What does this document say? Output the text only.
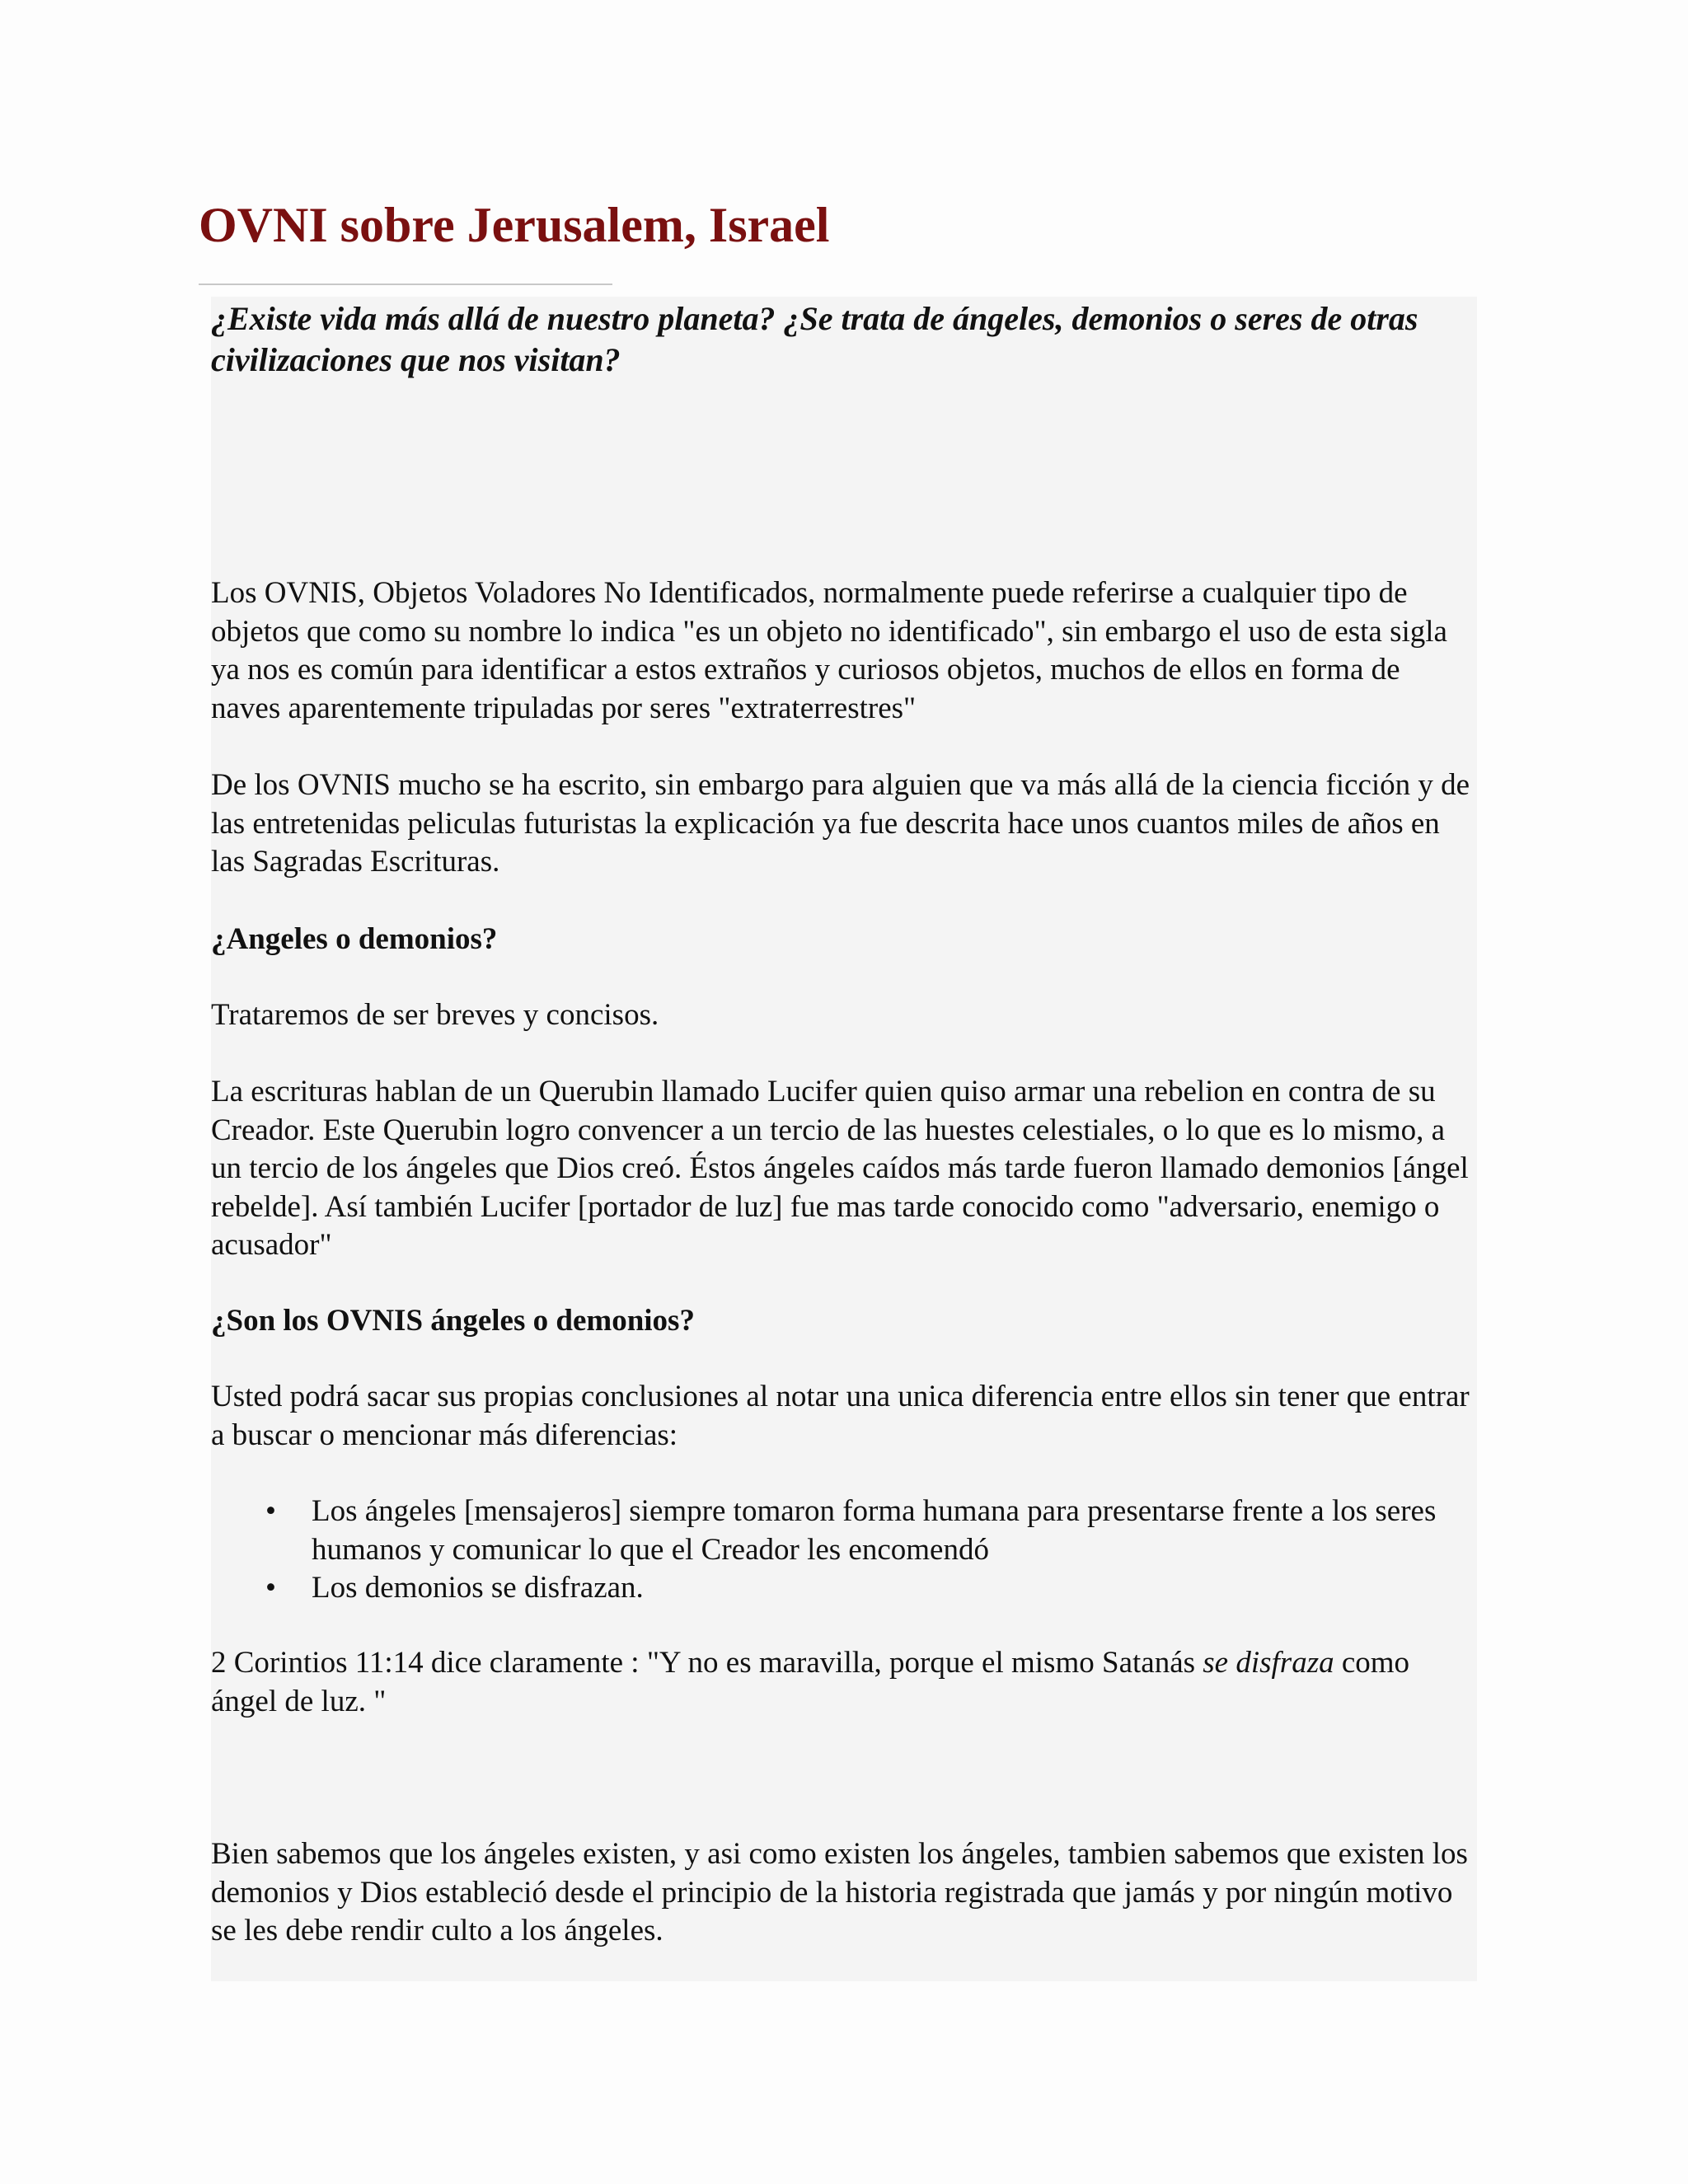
OVNI sobre Jerusalem, Israel

¿Existe vida más allá de nuestro planeta? ¿Se trata de ángeles, demonios o seres de otras civilizaciones que nos visitan?

Los OVNIS, Objetos Voladores No Identificados, normalmente puede referirse a cualquier tipo de objetos que como su nombre lo indica "es un objeto no identificado", sin embargo el uso de esta sigla ya nos es común para identificar a estos extraños y curiosos objetos, muchos de ellos en forma de naves aparentemente tripuladas por seres "extraterrestres"

De los OVNIS mucho se ha escrito, sin embargo para alguien que va más allá de la ciencia ficción y de las entretenidas peliculas futuristas la explicación ya fue descrita hace unos cuantos miles de años en las Sagradas Escrituras.

¿Angeles o demonios?

Trataremos de ser breves y concisos.

La escrituras hablan de un Querubin llamado Lucifer quien quiso armar una rebelion en contra de su Creador. Este Querubin logro convencer a un tercio de las huestes celestiales, o lo que es lo mismo, a un tercio de los ángeles que Dios creó. Éstos ángeles caídos más tarde fueron llamado demonios [ángel rebelde]. Así también Lucifer [portador de luz] fue mas tarde conocido como "adversario, enemigo o acusador"

¿Son los OVNIS ángeles o demonios?

Usted podrá sacar sus propias conclusiones al notar una unica diferencia entre ellos sin tener que entrar a buscar o mencionar más diferencias:

• Los ángeles [mensajeros] siempre tomaron forma humana para presentarse frente a los seres humanos y comunicar lo que el Creador les encomendó
• Los demonios se disfrazan.

2 Corintios 11:14 dice claramente : "Y no es maravilla, porque el mismo Satanás se disfraza como ángel de luz. "

Bien sabemos que los ángeles existen, y asi como existen los ángeles, tambien sabemos que existen los demonios y Dios estableció desde el principio de la historia registrada que jamás y por ningún motivo se les debe rendir culto a los ángeles.
